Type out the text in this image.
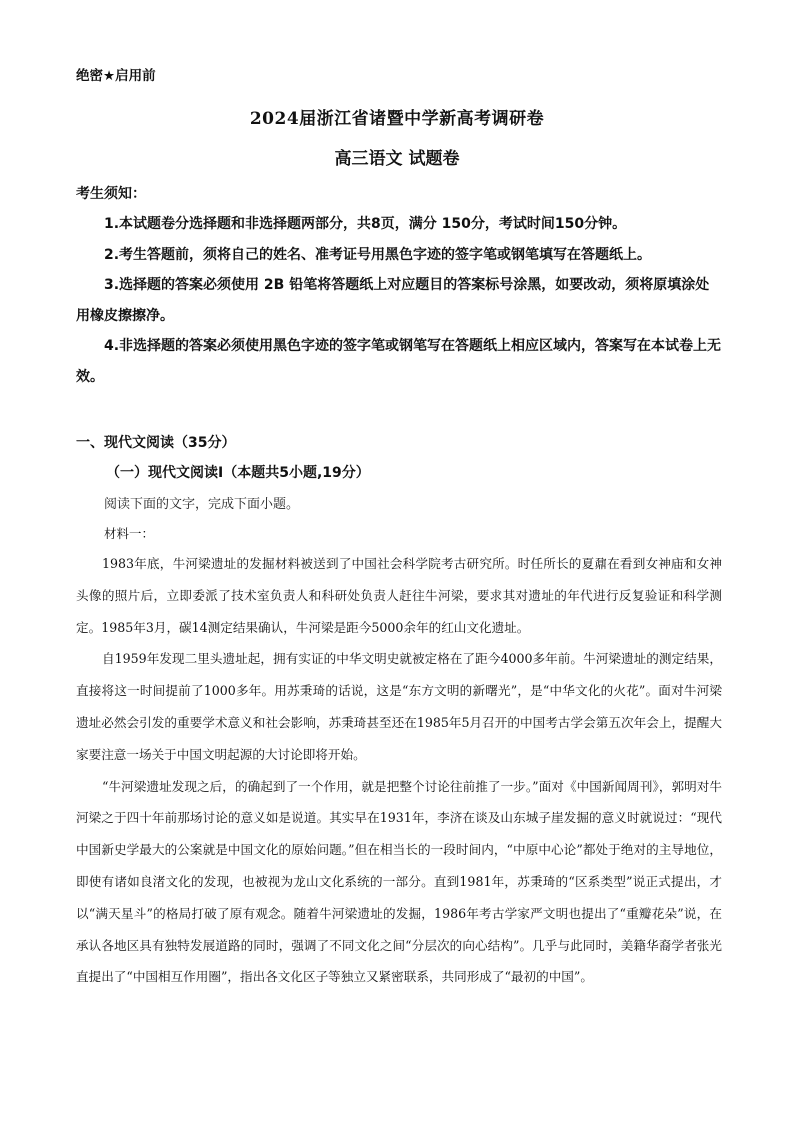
绝密★启用前
2024届浙江省诸暨中学新高考调研卷
高三语文 试题卷
考生须知：

1.本试题卷分选择题和非选择题两部分，共8页，满分 150分，考试时间150分钟。

2.考生答题前，须将自己的姓名、准考证号用黑色字迹的签字笔或钢笔填写在答题纸上。

3.选择题的答案必须使用 2B 铅笔将答题纸上对应题目的答案标号涂黑，如要改动，须将原填涂处用橡皮擦擦净。

4.非选择题的答案必须使用黑色字迹的签字笔或钢笔写在答题纸上相应区域内，答案写在本试卷上无效。

一、现代文阅读（35分）
（一）现代文阅读Ⅰ（本题共5小题,19分）
阅读下面的文字，完成下面小题。
材料一：

1983年底，牛河梁遗址的发掘材料被送到了中国社会科学院考古研究所。时任所长的夏鼐在看到女神庙和女神头像的照片后，立即委派了技术室负责人和科研处负责人赶往牛河梁，要求其对遗址的年代进行反复验证和科学测定。1985年3月，碳14测定结果确认，牛河梁是距今5000余年的红山文化遗址。

自1959年发现二里头遗址起，拥有实证的中华文明史就被定格在了距今4000多年前。牛河梁遗址的测定结果，直接将这一时间提前了1000多年。用苏秉琦的话说，这是“东方文明的新曙光”，是“中华文化的火花”。面对牛河梁遗址必然会引发的重要学术意义和社会影响，苏秉琦甚至还在1985年5月召开的中国考古学会第五次年会上，提醒大家要注意一场关于中国文明起源的大讨论即将开始。

“牛河梁遗址发现之后，的确起到了一个作用，就是把整个讨论往前推了一步。”面对《中国新闻周刊》，郭明对牛河梁之于四十年前那场讨论的意义如是说道。其实早在1931年，李济在谈及山东城子崖发掘的意义时就说过：“现代中国新史学最大的公案就是中国文化的原始问题。”但在相当长的一段时间内，“中原中心论”都处于绝对的主导地位，即使有诸如良渚文化的发现，也被视为龙山文化系统的一部分。直到1981年，苏秉琦的“区系类型”说正式提出，才以“满天星斗”的格局打破了原有观念。随着牛河梁遗址的发掘，1986年考古学家严文明也提出了“重瓣花朵”说，在承认各地区具有独特发展道路的同时，强调了不同文化之间“分层次的向心结构”。几乎与此同时，美籍华裔学者张光直提出了“中国相互作用圈”，指出各文化区子等独立又紧密联系，共同形成了“最初的中国”。
